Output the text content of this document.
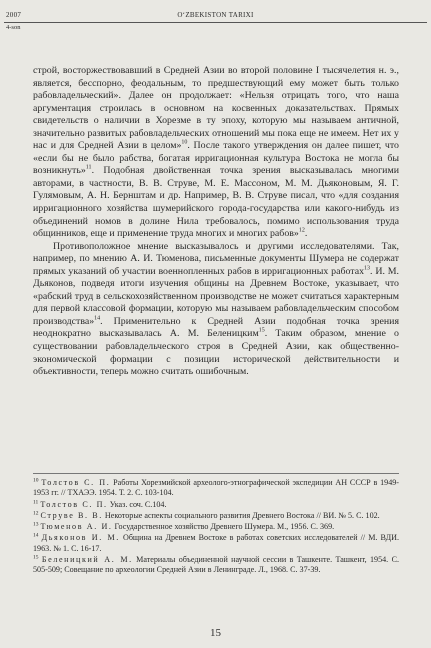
2007	O‘ZBEKISTON TARIXI
4-son

строй, восторжествовавший в Средней Азии во второй половине I тысячелетия н. э., является, бесспорно, феодальным, то предшествующий ему может быть только рабовладельческий». Далее он продолжает: «Нельзя отрицать того, что наша аргументация строилась в основном на косвенных доказательствах. Прямых свидетельств о наличии в Хорезме в ту эпоху, которую мы называем античной, значительно развитых рабовладельческих отношений мы пока еще не имеем. Нет их у нас и для Средней Азии в целом»$^{10}$. После такого утверждения он далее пишет, что «если бы не было рабства, богатая ирригационная культура Востока не могла бы возникнуть»$^{11}$. Подобная двойственная точка зрения высказывалась многими авторами, в частности, В. В. Струве, М. Е. Массоном, М. М. Дьяконовым, Я. Г. Гулямовым, А. Н. Бернштам и др. Например, В. В. Струве писал, что «для создания ирригационного хозяйства шумерийского города-государства или какого-нибудь из объединений номов в долине Нила требовалось, помимо использования труда общинников, еще и применение труда многих и многих рабов»$^{12}$.

Противоположное мнение высказывалось и другими исследователями. Так, например, по мнению А. И. Тюменова, письменные документы Шумера не содержат прямых указаний об участии военнопленных рабов в ирригационных работах$^{13}$. И. М. Дьяконов, подведя итоги изучения общины на Древнем Востоке, указывает, что «рабский труд в сельскохозяйственном производстве не может считаться характерным для первой классовой формации, которую мы называем рабовладельческим способом производства»$^{14}$. Применительно к Средней Азии подобная точка зрения неоднократно высказывалась А. М. Беленицким$^{15}$. Таким образом, мнение о существовании рабовладельческого строя в Средней Азии, как общественно-экономической формации с позиции исторической действительности и объективности, теперь можно считать ошибочным.

$^{10}$ Толстов С. П. Работы Хорезмийской археолого-этнографической экспедиции АН СССР в 1949-1953 гг. // ТХАЭЭ. 1954. Т. 2. С. 103-104.

$^{11}$ Толстов С. П. Указ. соч. С.104.

$^{12}$ Струве В. В. Некоторые аспекты социального развития Древнего Востока // ВИ. № 5. С. 102.

$^{13}$ Тюменов А. И. Государственное хозяйство Древнего Шумера. М., 1956. С. 369.

$^{14}$ Дьяконов И. М. Община на Древнем Востоке в работах советских исследователей // М. ВДИ. 1963. № 1. С. 16-17.

$^{15}$ Беленицкий А. М. Материалы объединенной научной сессии в Ташкенте. Ташкент, 1954. С. 505-509; Совещание по археологии Средней Азии в Ленинграде. Л., 1968. С. 37-39.

15
